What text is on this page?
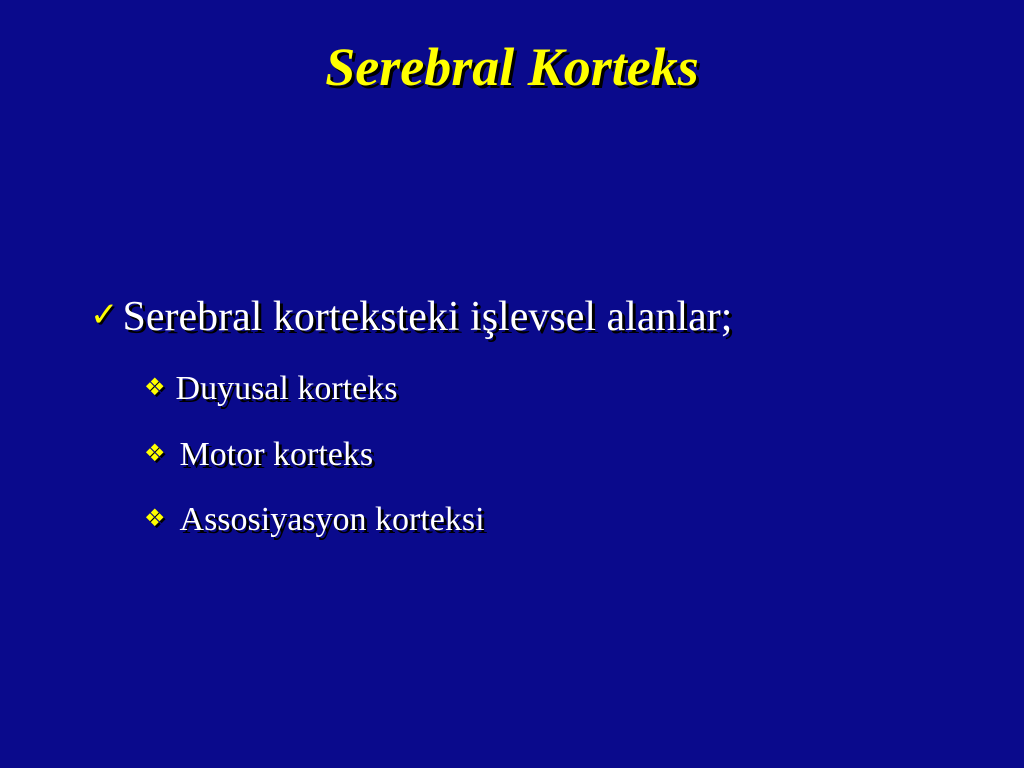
Serebral Korteks
✓Serebral korteksteki işlevsel alanlar;
❖ Duyusal korteks
❖ Motor korteks
❖ Assosiyasyon korteksi
